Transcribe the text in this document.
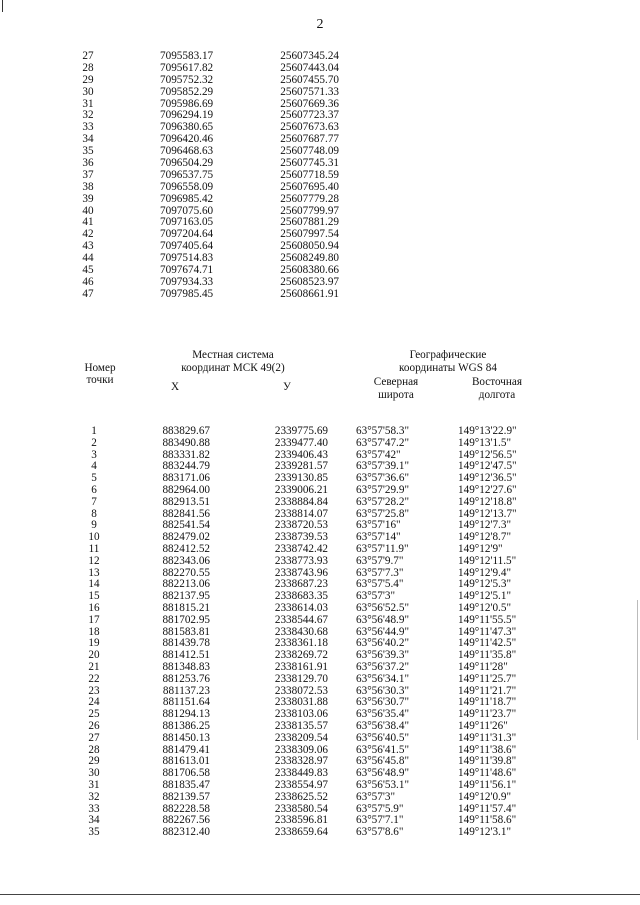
2
27	7095583.17	25607345.24
28	7095617.82	25607443.04
29	7095752.32	25607455.70
30	7095852.29	25607571.33
31	7095986.69	25607669.36
32	7096294.19	25607723.37
33	7096380.65	25607673.63
34	7096420.46	25607687.77
35	7096468.63	25607748.09
36	7096504.29	25607745.31
37	7096537.75	25607718.59
38	7096558.09	25607695.40
39	7096985.42	25607779.28
40	7097075.60	25607799.97
41	7097163.05	25607881.29
42	7097204.64	25607997.54
43	7097405.64	25608050.94
44	7097514.83	25608249.80
45	7097674.71	25608380.66
46	7097934.33	25608523.97
47	7097985.45	25608661.91
Номер
точки
Местная система
координат МСК 49(2)
Х	У
Географические
координаты WGS 84
Северная
широта
Восточная
долгота
1	883829.67	2339775.69	63°57'58.3"	149°13'22.9"
2	883490.88	2339477.40	63°57'47.2"	149°13'1.5"
3	883331.82	2339406.43	63°57'42"	149°12'56.5"
4	883244.79	2339281.57	63°57'39.1"	149°12'47.5"
5	883171.06	2339130.85	63°57'36.6"	149°12'36.5"
6	882964.00	2339006.21	63°57'29.9"	149°12'27.6"
7	882913.51	2338884.84	63°57'28.2"	149°12'18.8"
8	882841.56	2338814.07	63°57'25.8"	149°12'13.7"
9	882541.54	2338720.53	63°57'16"	149°12'7.3"
10	882479.02	2338739.53	63°57'14"	149°12'8.7"
11	882412.52	2338742.42	63°57'11.9"	149°12'9"
12	882343.06	2338773.93	63°57'9.7"	149°12'11.5"
13	882270.55	2338743.96	63°57'7.3"	149°12'9.4"
14	882213.06	2338687.23	63°57'5.4"	149°12'5.3"
15	882137.95	2338683.35	63°57'3"	149°12'5.1"
16	881815.21	2338614.03	63°56'52.5"	149°12'0.5"
17	881702.95	2338544.67	63°56'48.9"	149°11'55.5"
18	881583.81	2338430.68	63°56'44.9"	149°11'47.3"
19	881439.78	2338361.18	63°56'40.2"	149°11'42.5"
20	881412.51	2338269.72	63°56'39.3"	149°11'35.8"
21	881348.83	2338161.91	63°56'37.2"	149°11'28"
22	881253.76	2338129.70	63°56'34.1"	149°11'25.7"
23	881137.23	2338072.53	63°56'30.3"	149°11'21.7"
24	881151.64	2338031.88	63°56'30.7"	149°11'18.7"
25	881294.13	2338103.06	63°56'35.4"	149°11'23.7"
26	881386.25	2338135.57	63°56'38.4"	149°11'26"
27	881450.13	2338209.54	63°56'40.5"	149°11'31.3"
28	881479.41	2338309.06	63°56'41.5"	149°11'38.6"
29	881613.01	2338328.97	63°56'45.8"	149°11'39.8"
30	881706.58	2338449.83	63°56'48.9"	149°11'48.6"
31	881835.47	2338554.97	63°56'53.1"	149°11'56.1"
32	882139.57	2338625.52	63°57'3"	149°12'0.9"
33	882228.58	2338580.54	63°57'5.9"	149°11'57.4"
34	882267.56	2338596.81	63°57'7.1"	149°11'58.6"
35	882312.40	2338659.64	63°57'8.6"	149°12'3.1"
